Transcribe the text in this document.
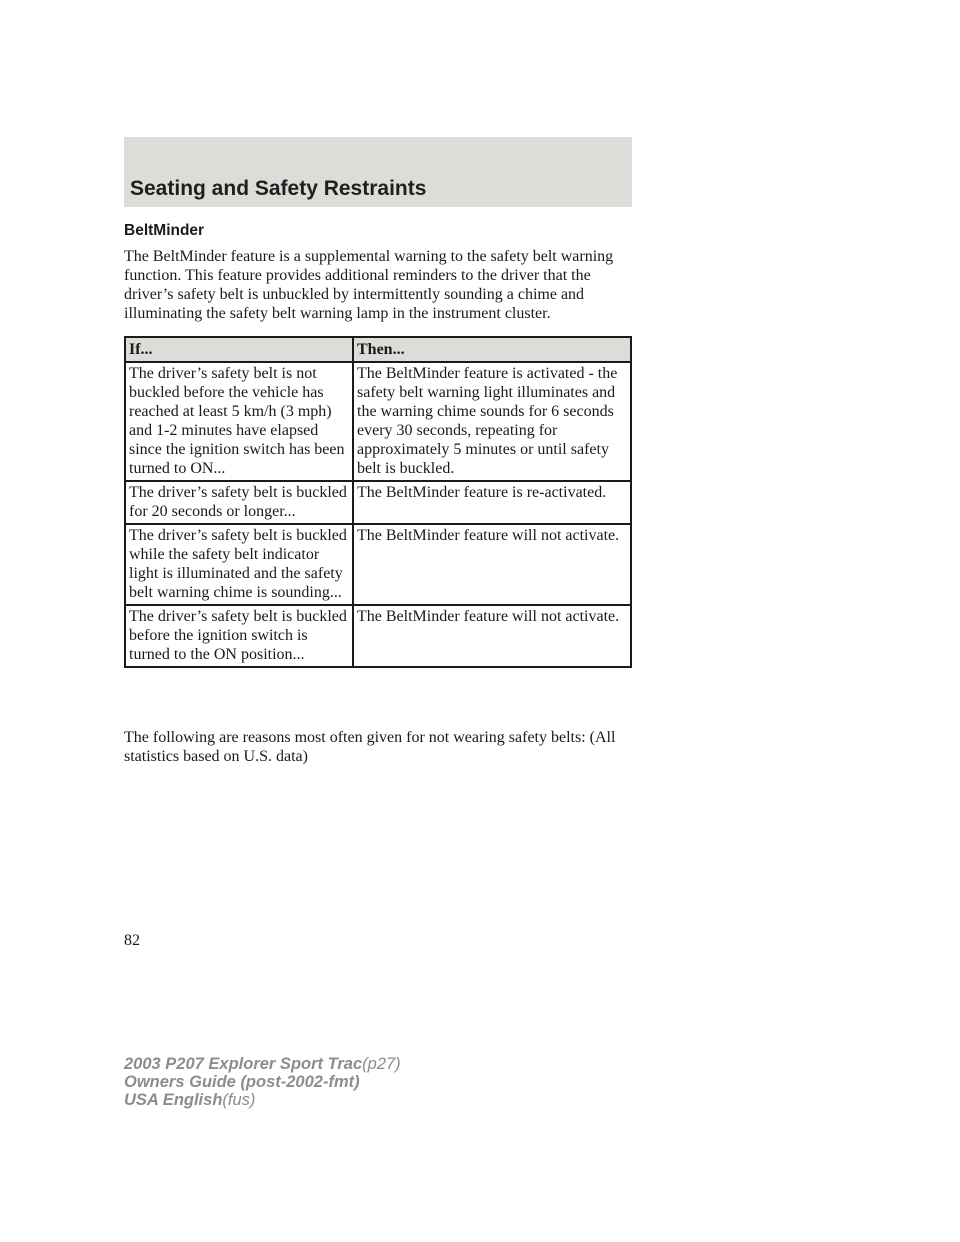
Seating and Safety Restraints
BeltMinder

The BeltMinder feature is a supplemental warning to the safety belt warning function. This feature provides additional reminders to the driver that the driver’s safety belt is unbuckled by intermittently sounding a chime and illuminating the safety belt warning lamp in the instrument cluster.

If...	Then...
The driver’s safety belt is not buckled before the vehicle has reached at least 5 km/h (3 mph) and 1-2 minutes have elapsed since the ignition switch has been turned to ON...	The BeltMinder feature is activated - the safety belt warning light illuminates and the warning chime sounds for 6 seconds every 30 seconds, repeating for approximately 5 minutes or until safety belt is buckled.
The driver’s safety belt is buckled for 20 seconds or longer...	The BeltMinder feature is re-activated.
The driver’s safety belt is buckled while the safety belt indicator light is illuminated and the safety belt warning chime is sounding...	The BeltMinder feature will not activate.
The driver’s safety belt is buckled before the ignition switch is turned to the ON position...	The BeltMinder feature will not activate.

The following are reasons most often given for not wearing safety belts: (All statistics based on U.S. data)

82

2003 P207 Explorer Sport Trac(p27)
Owners Guide (post-2002-fmt)
USA English(fus)
